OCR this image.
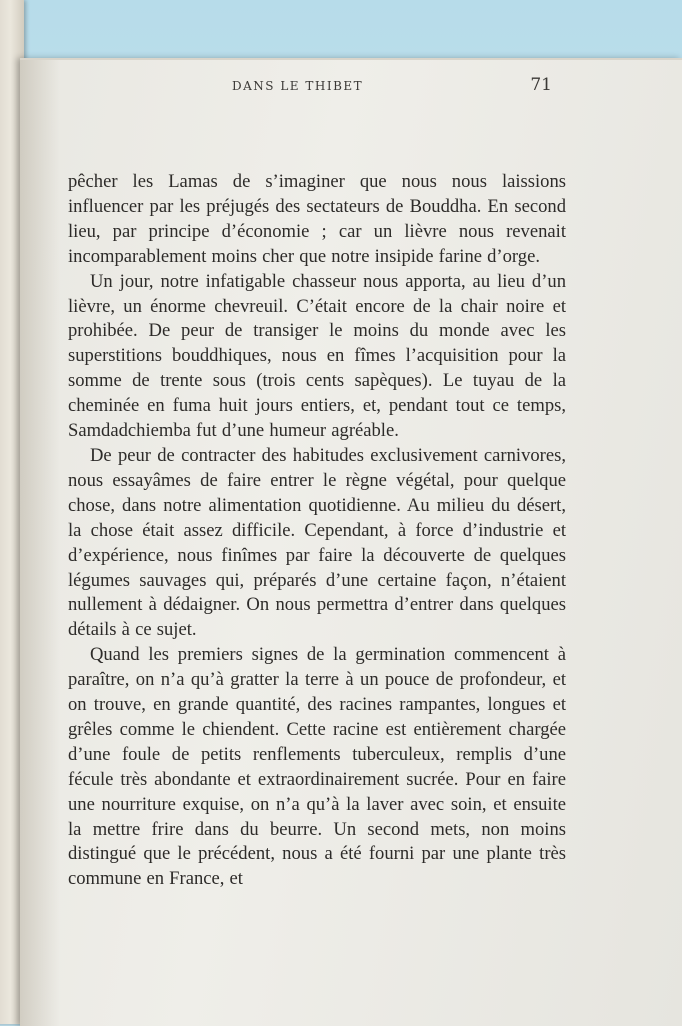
DANS LE THIBET	71

pêcher les Lamas de s’imaginer que nous nous laissions influencer par les préjugés des sectateurs de Bouddha. En second lieu, par principe d’économie ; car un lièvre nous revenait incomparablement moins cher que notre insipide farine d’orge.

Un jour, notre infatigable chasseur nous apporta, au lieu d’un lièvre, un énorme chevreuil. C’était encore de la chair noire et prohibée. De peur de transiger le moins du monde avec les superstitions bouddhiques, nous en fîmes l’acquisition pour la somme de trente sous (trois cents sapèques). Le tuyau de la cheminée en fuma huit jours entiers, et, pendant tout ce temps, Samdadchiemba fut d’une humeur agréable.

De peur de contracter des habitudes exclusivement carnivores, nous essayâmes de faire entrer le règne végétal, pour quelque chose, dans notre alimentation quotidienne. Au milieu du désert, la chose était assez difficile. Cependant, à force d’industrie et d’expérience, nous finîmes par faire la découverte de quelques légumes sauvages qui, préparés d’une certaine façon, n’étaient nullement à dédaigner. On nous permettra d’entrer dans quelques détails à ce sujet.

Quand les premiers signes de la germination commencent à paraître, on n’a qu’à gratter la terre à un pouce de profondeur, et on trouve, en grande quantité, des racines rampantes, longues et grêles comme le chiendent. Cette racine est entièrement chargée d’une foule de petits renflements tuberculeux, remplis d’une fécule très abondante et extraordinairement sucrée. Pour en faire une nourriture exquise, on n’a qu’à la laver avec soin, et ensuite la mettre frire dans du beurre. Un second mets, non moins distingué que le précédent, nous a été fourni par une plante très commune en France, et
